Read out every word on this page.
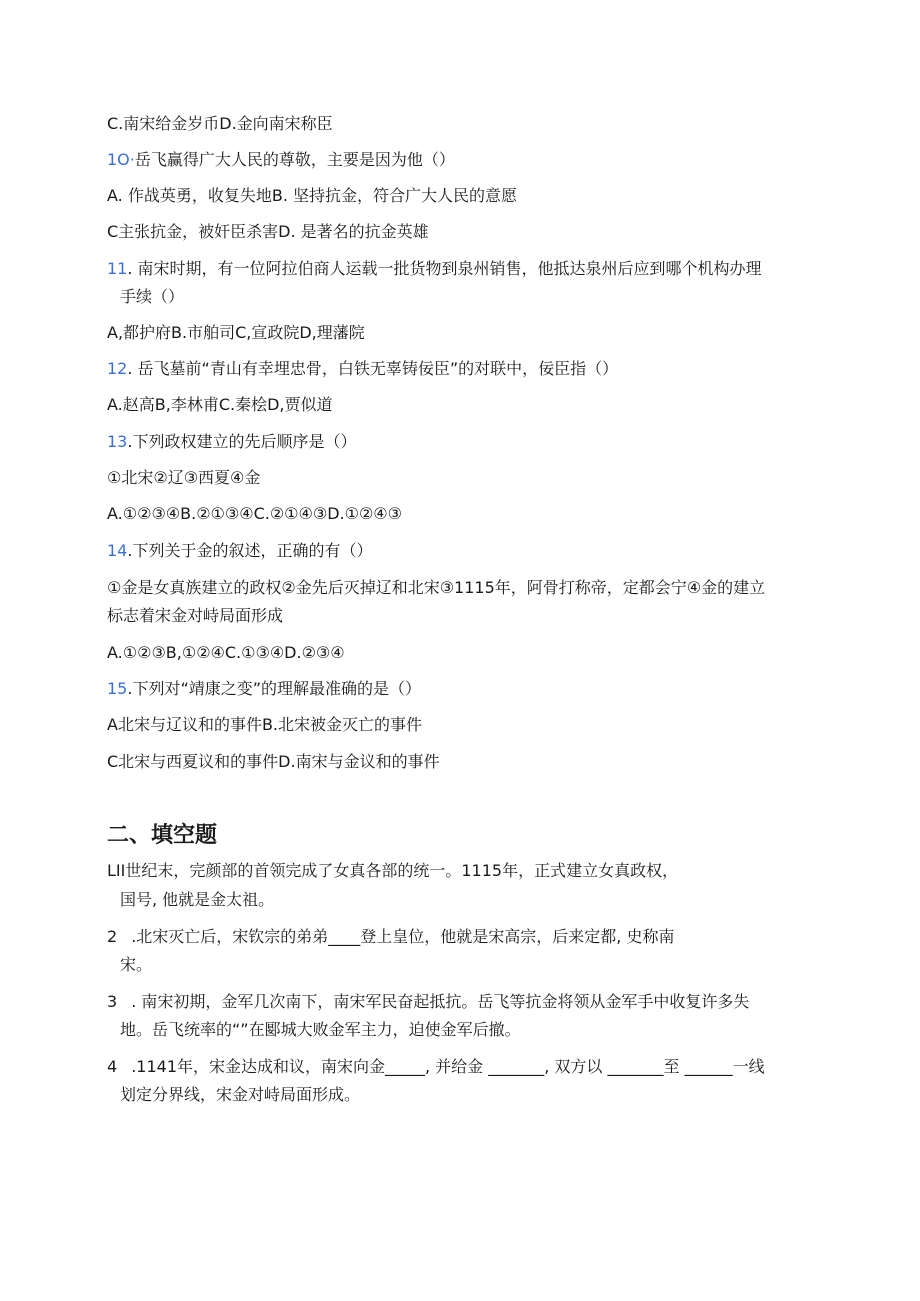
C.南宋给金岁币D.金向南宋称臣
1O·岳飞赢得广大人民的尊敬，主要是因为他（）
A. 作战英勇，收复失地B. 坚持抗金，符合广大人民的意愿
C主张抗金，被奸臣杀害D. 是著名的抗金英雄
11. 南宋时期，有一位阿拉伯商人运载一批货物到泉州销售，他抵达泉州后应到哪个机构办理
手续（）
A,都护府B.市舶司C,宣政院D,理藩院
12. 岳飞墓前“青山有幸埋忠骨，白铁无辜铸佞臣”的对联中，佞臣指（）
A.赵高B,李林甫C.秦桧D,贾似道
13.下列政权建立的先后顺序是（）
①北宋②辽③西夏④金
A.①②③④B.②①③④C.②①④③D.①②④③
14.下列关于金的叙述，正确的有（）
①金是女真族建立的政权②金先后灭掉辽和北宋③1115年，阿骨打称帝，定都会宁④金的建立
标志着宋金对峙局面形成
A.①②③B,①②④C.①③④D.②③④
15.下列对“靖康之变”的理解最准确的是（）
A北宋与辽议和的事件B.北宋被金灭亡的事件
C北宋与西夏议和的事件D.南宋与金议和的事件
二、填空题
LII世纪末，完颜部的首领完成了女真各部的统一。1115年，正式建立女真政权，
国号, 他就是金太祖。
2 .北宋灭亡后，宋钦宗的弟弟____登上皇位，他就是宋高宗，后来定都, 史称南
宋。
3 . 南宋初期，金军几次南下，南宋军民奋起抵抗。岳飞等抗金将领从金军手中收复许多失
地。岳飞统率的“”在郾城大败金军主力，迫使金军后撤。
4 .1141年，宋金达成和议，南宋向金_____, 并给金 _______, 双方以 _______至 ______一线
划定分界线，宋金对峙局面形成。
